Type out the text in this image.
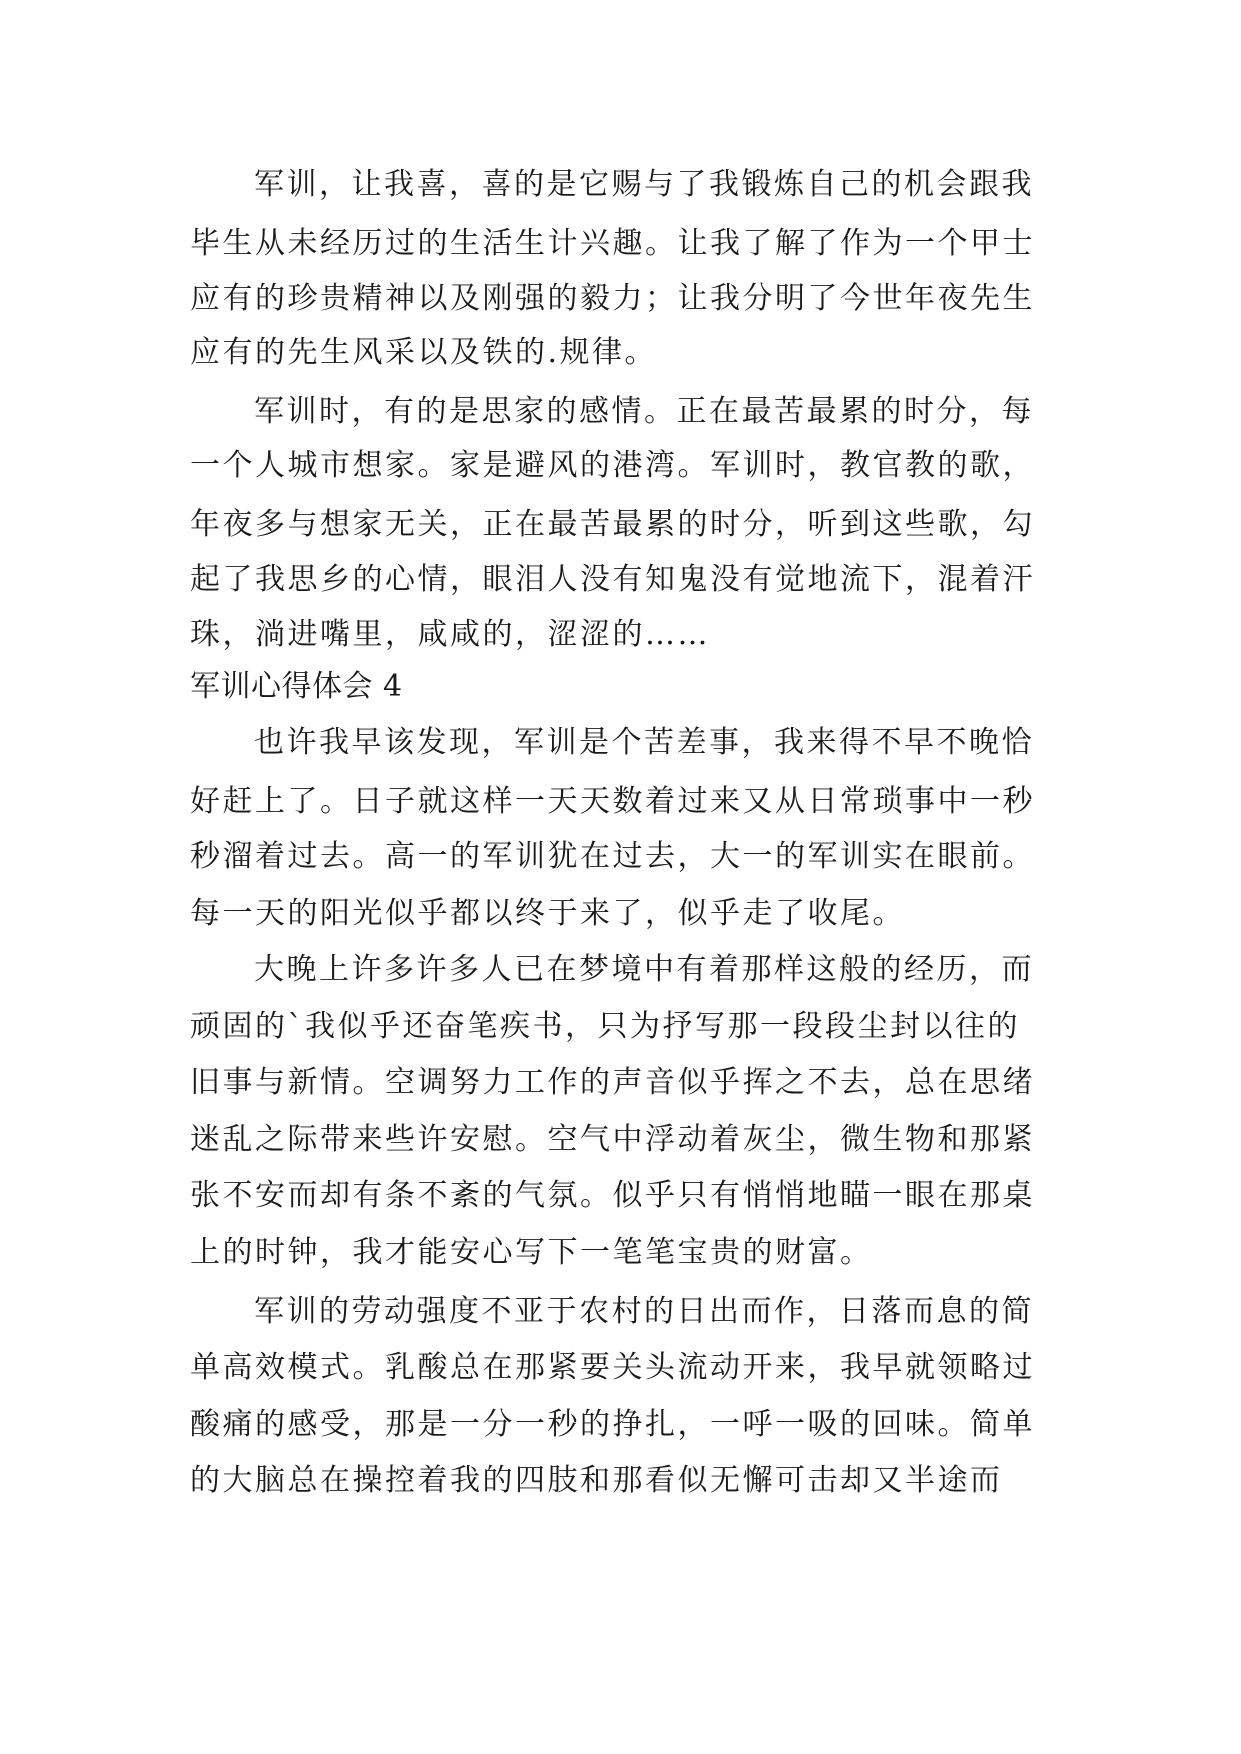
军训，让我喜，喜的是它赐与了我锻炼自己的机会跟我
毕生从未经历过的生活生计兴趣。让我了解了作为一个甲士
应有的珍贵精神以及刚强的毅力；让我分明了今世年夜先生
应有的先生风采以及铁的.规律。
军训时，有的是思家的感情。正在最苦最累的时分，每
一个人城市想家。家是避风的港湾。军训时，教官教的歌，
年夜多与想家无关，正在最苦最累的时分，听到这些歌，勾
起了我思乡的心情，眼泪人没有知鬼没有觉地流下，混着汗
珠，淌进嘴里，咸咸的，涩涩的……
军训心得体会 4
也许我早该发现，军训是个苦差事，我来得不早不晚恰
好赶上了。日子就这样一天天数着过来又从日常琐事中一秒
秒溜着过去。高一的军训犹在过去，大一的军训实在眼前。
每一天的阳光似乎都以终于来了，似乎走了收尾。
大晚上许多许多人已在梦境中有着那样这般的经历，而
顽固的`我似乎还奋笔疾书，只为抒写那一段段尘封以往的
旧事与新情。空调努力工作的声音似乎挥之不去，总在思绪
迷乱之际带来些许安慰。空气中浮动着灰尘，微生物和那紧
张不安而却有条不紊的气氛。似乎只有悄悄地瞄一眼在那桌
上的时钟，我才能安心写下一笔笔宝贵的财富。
军训的劳动强度不亚于农村的日出而作，日落而息的简
单高效模式。乳酸总在那紧要关头流动开来，我早就领略过
酸痛的感受，那是一分一秒的挣扎，一呼一吸的回味。简单
的大脑总在操控着我的四肢和那看似无懈可击却又半途而
